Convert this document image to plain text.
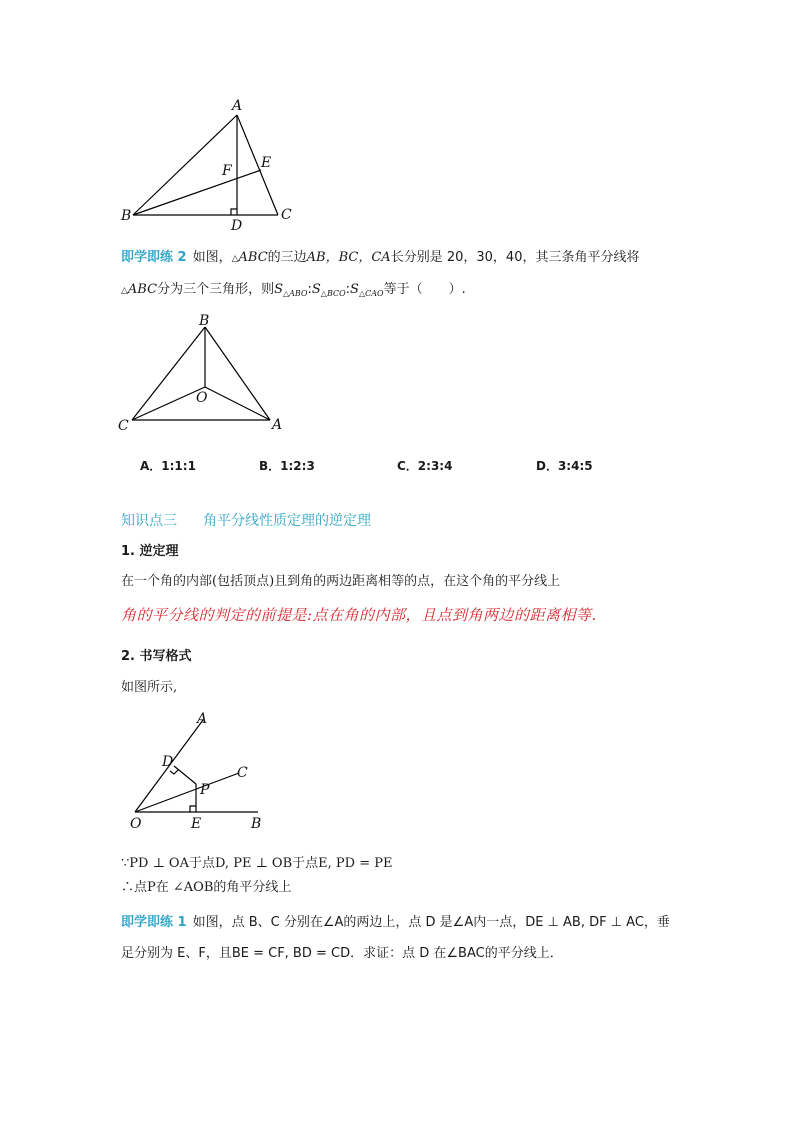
A
B	C
D
E
F
即学即练 2 如图，△ABC的三边AB，BC，CA长分别是 20，30，40，其三条角平分线将
△ABC分为三个三角形，则$S_{\triangle ABO}:S_{\triangle BCO}:S_{\triangle CAO}$等于（　　）.
B
C	A
O
A．1:1:1	B．1:2:3	C．2:3:4	D．3:4:5
知识点三 角平分线性质定理的逆定理
1. 逆定理
在一个角的内部(包括顶点)且到角的两边距离相等的点，在这个角的平分线上
角的平分线的判定的前提是:点在角的内部，且点到角两边的距离相等.
2. 书写格式
如图所示,
A
D
C
P
O	E	B
∵PD ⊥ OA于点D, PE ⊥ OB于点E, PD = PE
∴点P在 ∠AOB的角平分线上
即学即练 1 如图，点 B、C 分别在∠A的两边上，点 D 是∠A内一点，DE ⊥ AB, DF ⊥ AC，垂
足分别为 E、F，且BE = CF, BD = CD．求证：点 D 在∠BAC的平分线上．
